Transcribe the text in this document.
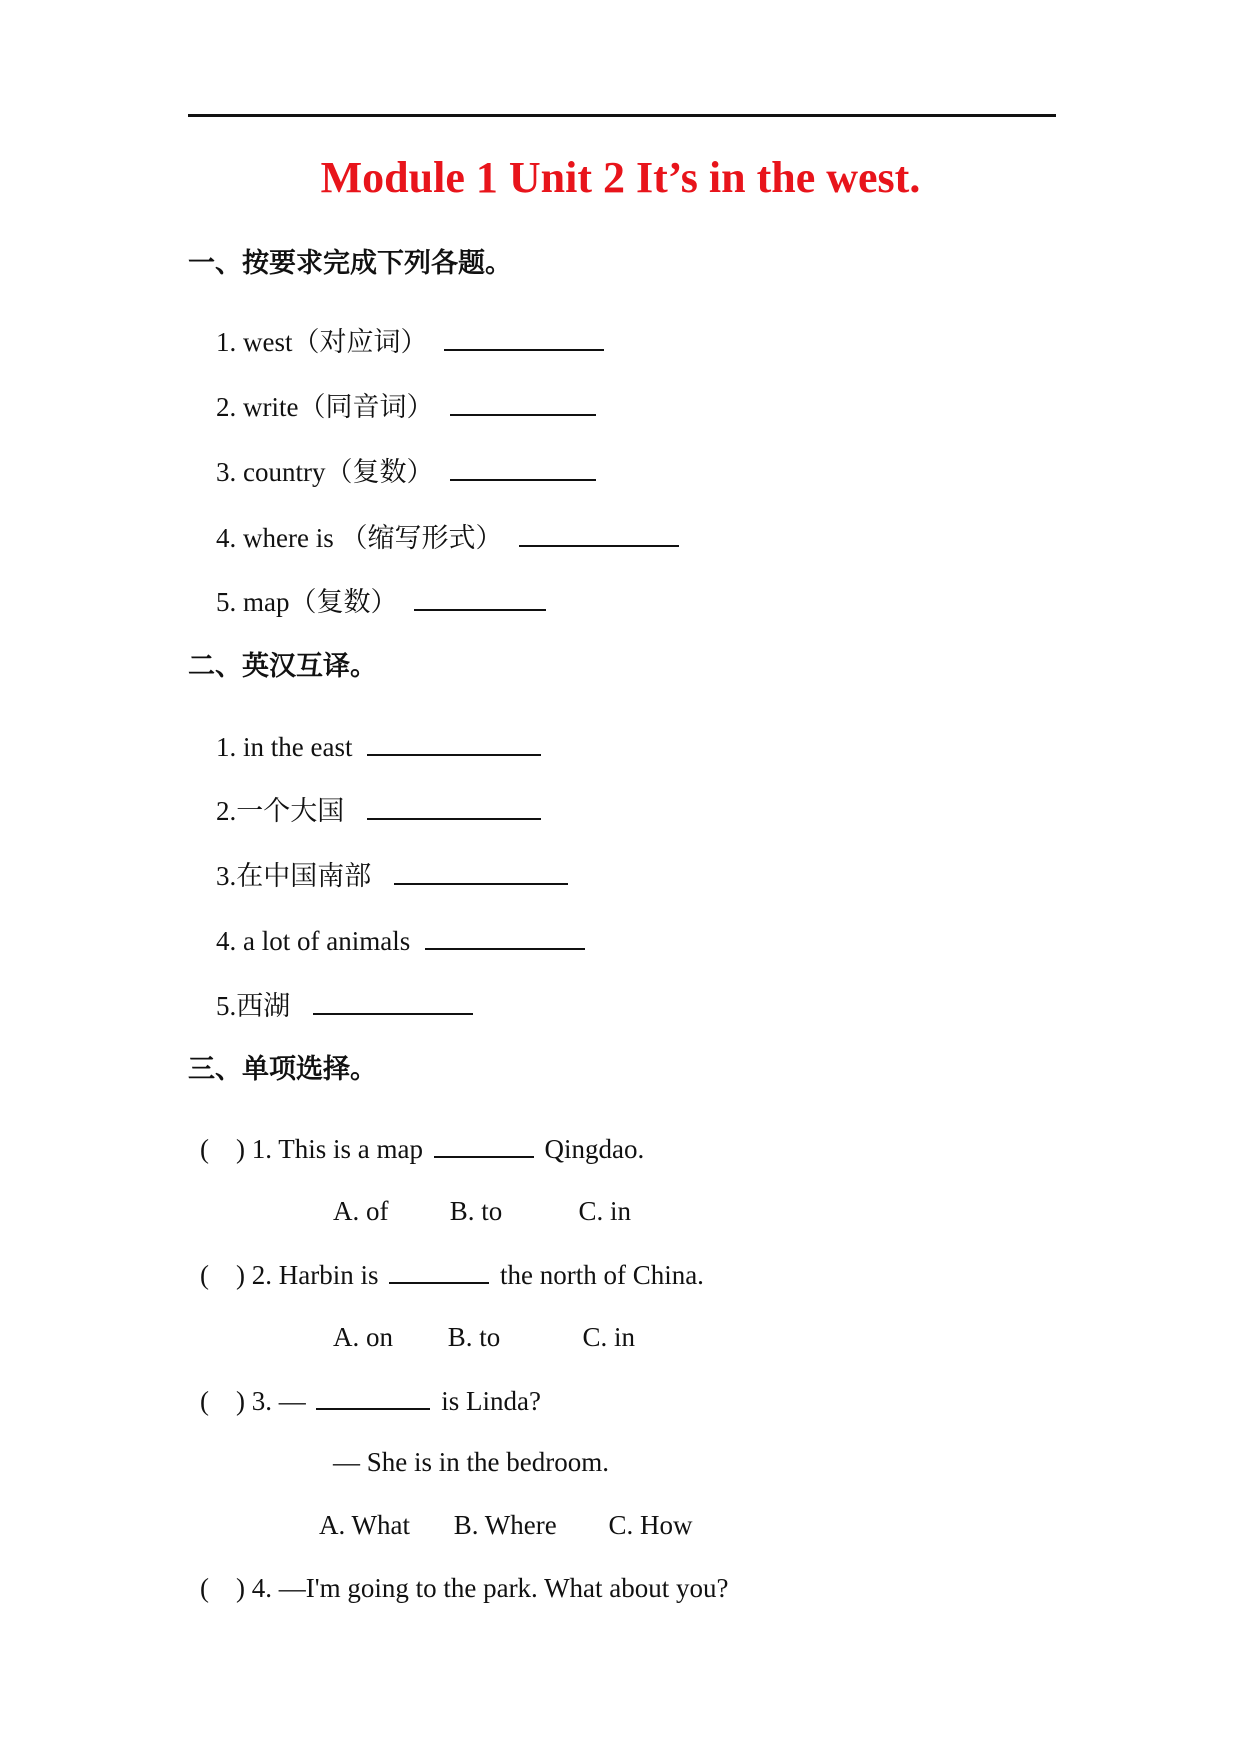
Module 1 Unit 2 It’s in the west.
一、按要求完成下列各题。
1. west（对应词）
2. write（同音词）
3. country（复数）
4. where is （缩写形式）
5. map（复数）
二、英汉互译。
1. in the east
2.一个大国
3.在中国南部
4. a lot of animals
5.西湖
三、单项选择。
(    ) 1. This is a map	Qingdao.
A. of B. to	C. in
(    ) 2. Harbin is	the north of China.
A. on B. to	C. in
(    ) 3. —	is Linda?
— She is in the bedroom.
A. What B. Where C. How
(    ) 4. —I'm going to the park. What about you?
